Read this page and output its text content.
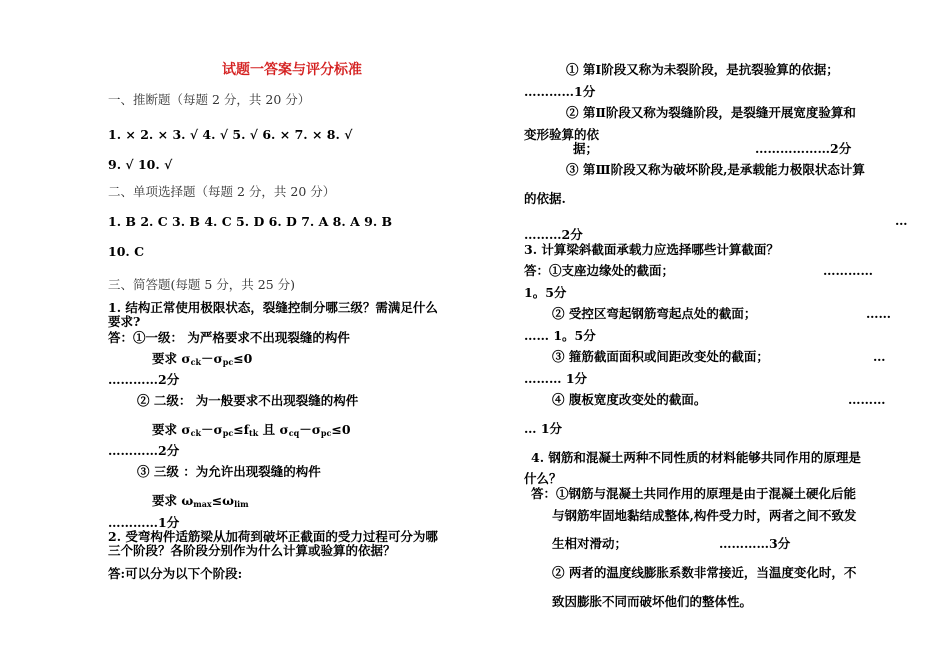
试题一答案与评分标准
一、推断题（每题 2 分，共 20 分）
1. × 2. × 3. √ 4. √ 5. √ 6. × 7. × 8. √
9. √ 10. √
二、单项选择题（每题 2 分，共 20 分）
1. B 2. C 3. B 4. C 5. D 6. D 7. A 8. A 9. B
10. C
三、简答题(每题 5 分，共 25 分)
1. 结构正常使用极限状态，裂缝控制分哪三级？需满足什么
要求?
答：①一级： 为严格要求不出现裂缝的构件
要求 $\sigma_{ck}-\sigma_{pc}\le 0$
…………2分
② 二级： 为一般要求不出现裂缝的构件
要求 $\sigma_{ck}-\sigma_{pc}\le f_{tk}$ 且 $\sigma_{cq}-\sigma_{pc}\le 0$
…………2分
③ 三级 ：为允许出现裂缝的构件
要求 $\omega_{max}\le\omega_{lim}$
…………1分
2. 受弯构件适筋梁从加荷到破坏正截面的受力过程可分为哪
三个阶段？各阶段分别作为什么计算或验算的依据？
答:可以分为以下个阶段:
① 第Ⅰ阶段又称为未裂阶段，是抗裂验算的依据；
…………1分
② 第Ⅱ阶段又称为裂缝阶段，是裂缝开展宽度验算和
变形验算的依
据；	………………2分
③ 第Ⅲ阶段又称为破坏阶段,是承载能力极限状态计算
的依据.
…
………2分
3. 计算梁斜截面承载力应选择哪些计算截面？
答：①支座边缘处的截面；	…………
1。5分
② 受控区弯起钢筋弯起点处的截面；	……
…… 1。5分
③ 箍筋截面面积或间距改变处的截面；	…
……… 1分
④ 腹板宽度改变处的截面。	………
… 1分
4. 钢筋和混凝土两种不同性质的材料能够共同作用的原理是
什么？
答：①钢筋与混凝土共同作用的原理是由于混凝土硬化后能
与钢筋牢固地黏结成整体,构件受力时，两者之间不致发
生相对滑动；	…………3分
② 两者的温度线膨胀系数非常接近，当温度变化时，不
致因膨胀不同而破坏他们的整体性。
